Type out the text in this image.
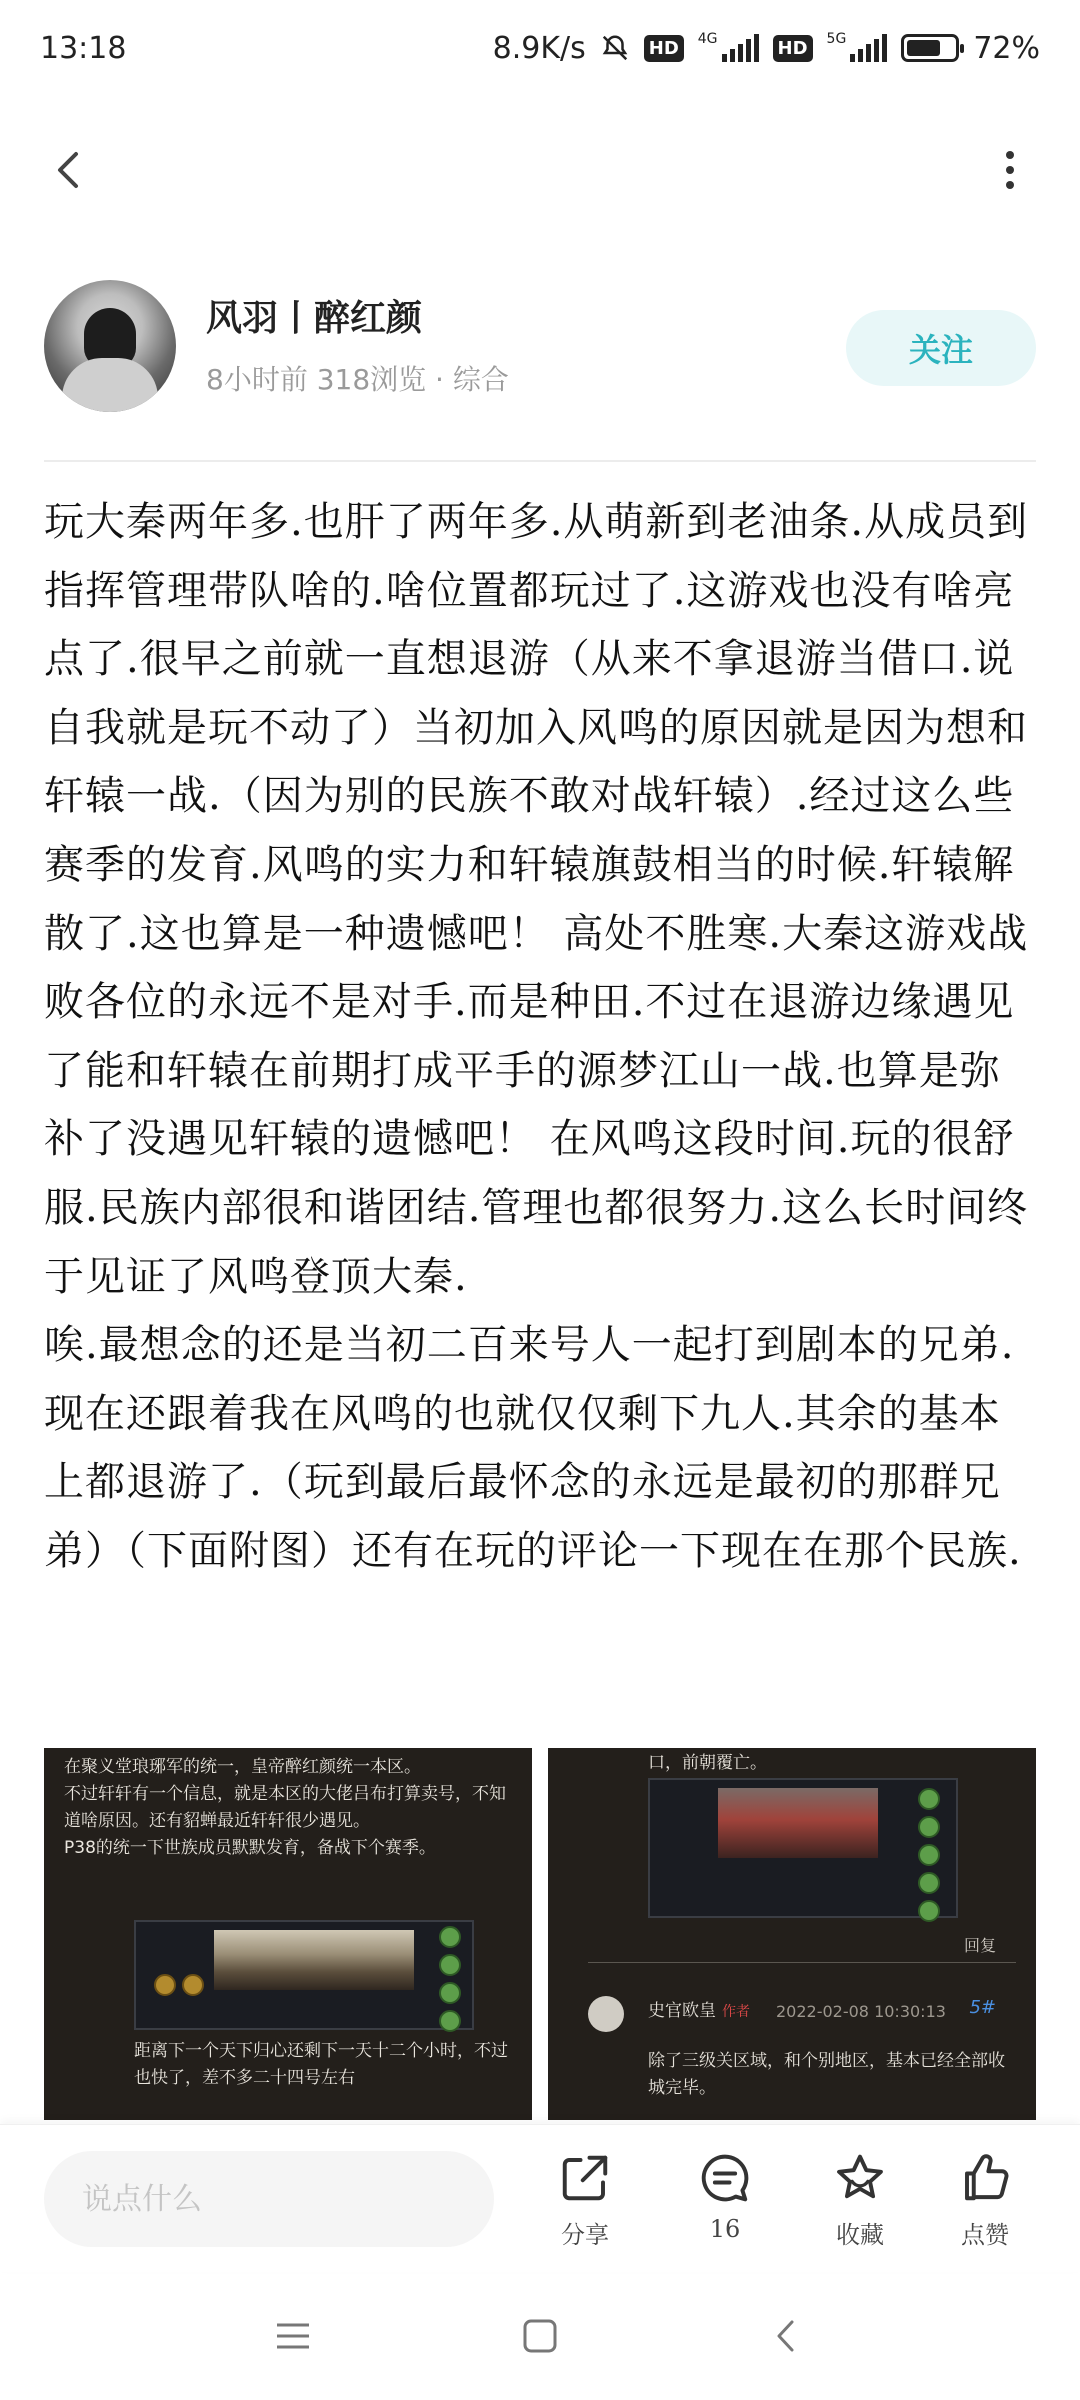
13:18	8.9K/s	HD	4G	HD	5G	72%
风羽丨醉红颜
8小时前 318浏览 · 综合
关注

玩大秦两年多.也肝了两年多.从萌新到老油条.从成员到指挥管理带队啥的.啥位置都玩过了.这游戏也没有啥亮点了.很早之前就一直想退游（从来不拿退游当借口.说自我就是玩不动了）当初加入风鸣的原因就是因为想和轩辕一战.（因为别的民族不敢对战轩辕）.经过这么些赛季的发育.风鸣的实力和轩辕旗鼓相当的时候.轩辕解散了.这也算是一种遗憾吧！ 高处不胜寒.大秦这游戏战败各位的永远不是对手.而是种田.不过在退游边缘遇见了能和轩辕在前期打成平手的源梦江山一战.也算是弥补了没遇见轩辕的遗憾吧！ 在风鸣这段时间.玩的很舒服.民族内部很和谐团结.管理也都很努力.这么长时间终于见证了风鸣登顶大秦.

唉.最想念的还是当初二百来号人一起打到剧本的兄弟.现在还跟着我在风鸣的也就仅仅剩下九人.其余的基本上都退游了.（玩到最后最怀念的永远是最初的那群兄弟）（下面附图）还有在玩的评论一下现在在那个民族.

在聚义堂琅琊军的统一，皇帝醉红颜统一本区。
不过轩轩有一个信息，就是本区的大佬吕布打算卖号，不知道啥原因。还有貂蝉最近轩轩很少遇见。
P38的统一下世族成员默默发育，备战下个赛季。
距离下一个天下归心还剩下一天十二个小时，不过也快了，差不多二十四号左右
口，前朝覆亡。
回复
史官欧皇 作者 2022-02-08 10:30:13 5#
除了三级关区域，和个别地区，基本已经全部收城完毕。
说点什么
分享	16	收藏	点赞
